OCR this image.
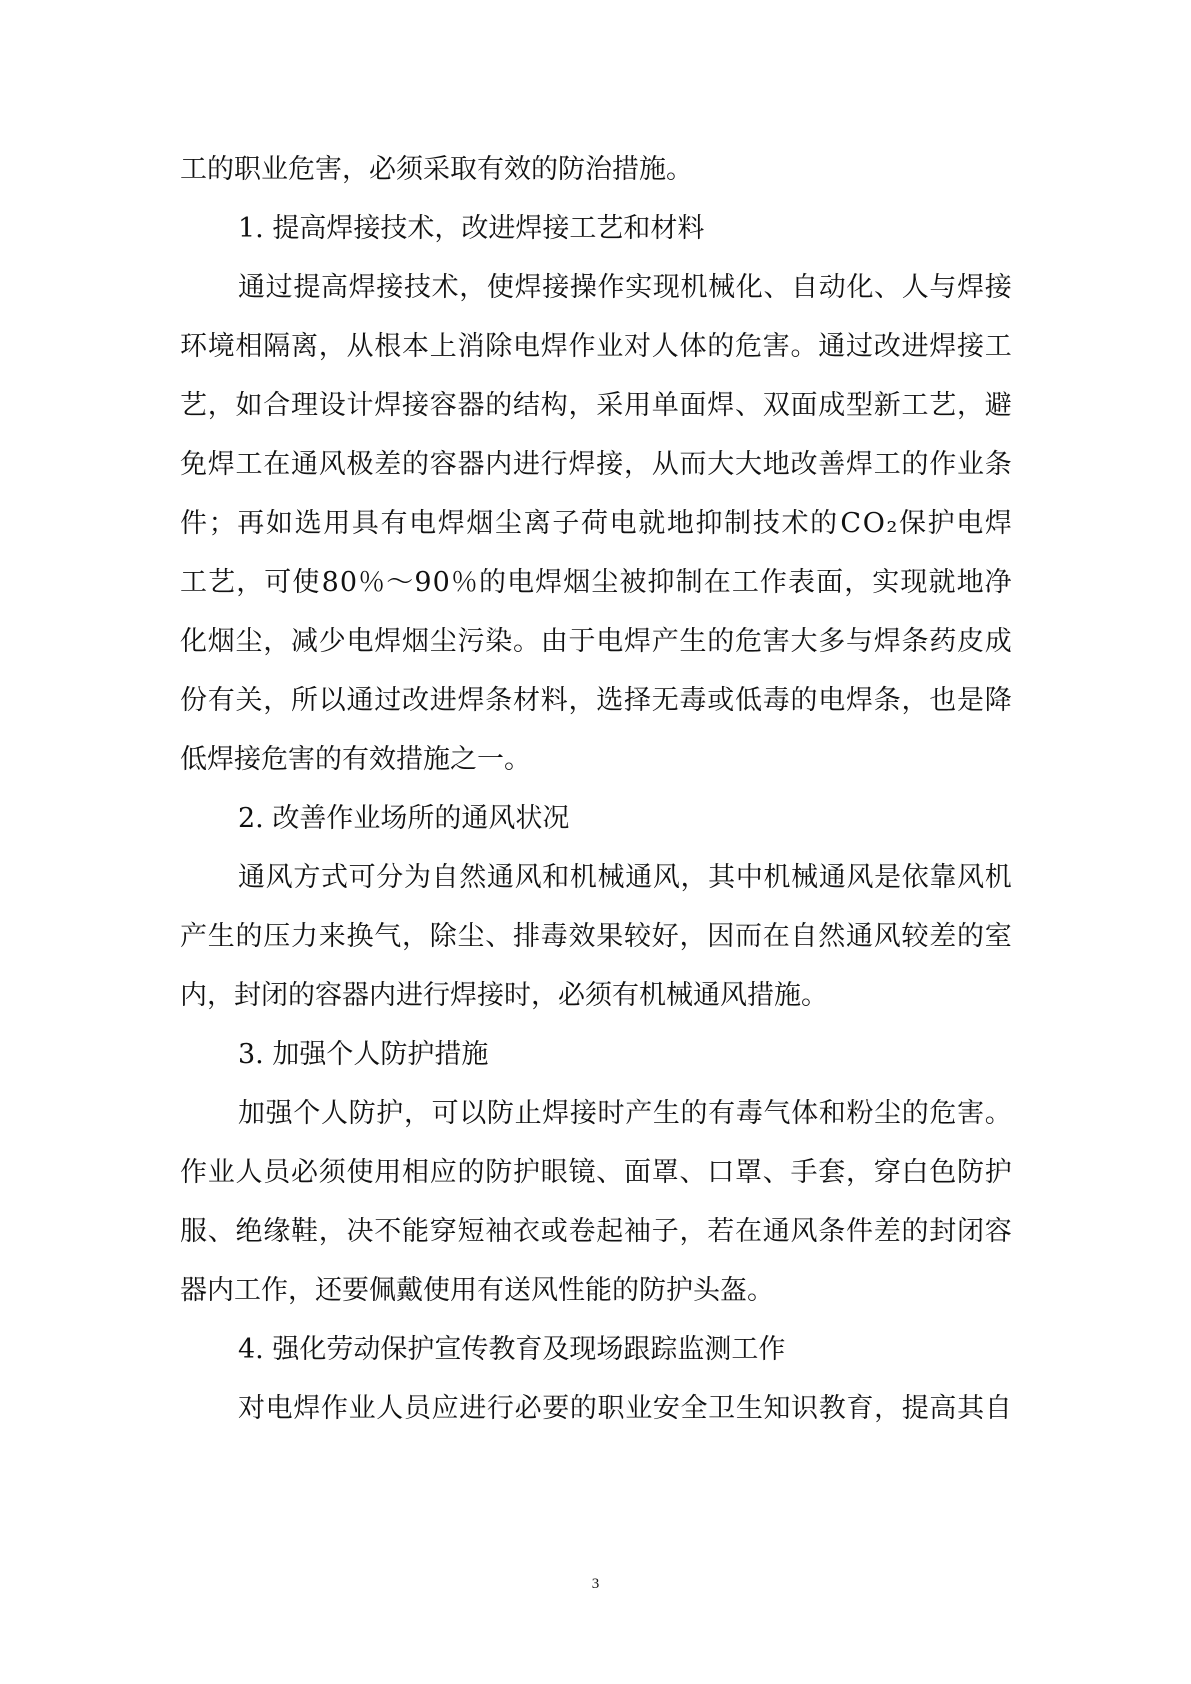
工的职业危害，必须采取有效的防治措施。
1. 提高焊接技术，改进焊接工艺和材料
通 过 提 高 焊 接 技 术 ， 使 焊 接 操 作 实 现 机 械 化 、 自 动 化 、 人 与 焊 接
环 境 相 隔 离 ， 从 根 本 上 消 除 电 焊 作 业 对 人 体 的 危 害 。 通 过 改 进 焊 接 工
艺 ， 如 合 理 设 计 焊 接 容 器 的 结 构 ， 采 用 单 面 焊 、 双 面 成 型 新 工 艺 ， 避
免 焊 工 在 通 风 极 差 的 容 器 内 进 行 焊 接 ， 从 而 大 大 地 改 善 焊 工 的 作 业 条
件 ； 再 如 选 用 具 有 电 焊 烟 尘 离 子 荷 电 就 地 抑 制 技 术 的 C O ₂ 保 护 电 焊
工 艺 ， 可 使 8 0 ％ ～ 9 0 ％ 的 电 焊 烟 尘 被 抑 制 在 工 作 表 面 ， 实 现 就 地 净
化 烟 尘 ， 减 少 电 焊 烟 尘 污 染 。 由 于 电 焊 产 生 的 危 害 大 多 与 焊 条 药 皮 成
份 有 关 ， 所 以 通 过 改 进 焊 条 材 料 ， 选 择 无 毒 或 低 毒 的 电 焊 条 ， 也 是 降
低焊接危害的有效措施之一。
2. 改善作业场所的通风状况
通 风 方 式 可 分 为 自 然 通 风 和 机 械 通 风 ， 其 中 机 械 通 风 是 依 靠 风 机
产 生 的 压 力 来 换 气 ， 除 尘 、 排 毒 效 果 较 好 ， 因 而 在 自 然 通 风 较 差 的 室
内，封闭的容器内进行焊接时，必须有机械通风措施。
3. 加强个人防护措施
加 强 个 人 防 护 ， 可 以 防 止 焊 接 时 产 生 的 有 毒 气 体 和 粉 尘 的 危 害 。
作 业 人 员 必 须 使 用 相 应 的 防 护 眼 镜 、 面 罩 、 口 罩 、 手 套 ， 穿 白 色 防 护
服 、 绝 缘 鞋 ， 决 不 能 穿 短 袖 衣 或 卷 起 袖 子 ， 若 在 通 风 条 件 差 的 封 闭 容
器内工作，还要佩戴使用有送风性能的防护头盔。
4. 强化劳动保护宣传教育及现场跟踪监测工作
对 电 焊 作 业 人 员 应 进 行 必 要 的 职 业 安 全 卫 生 知 识 教 育 ， 提 高 其 自
3
